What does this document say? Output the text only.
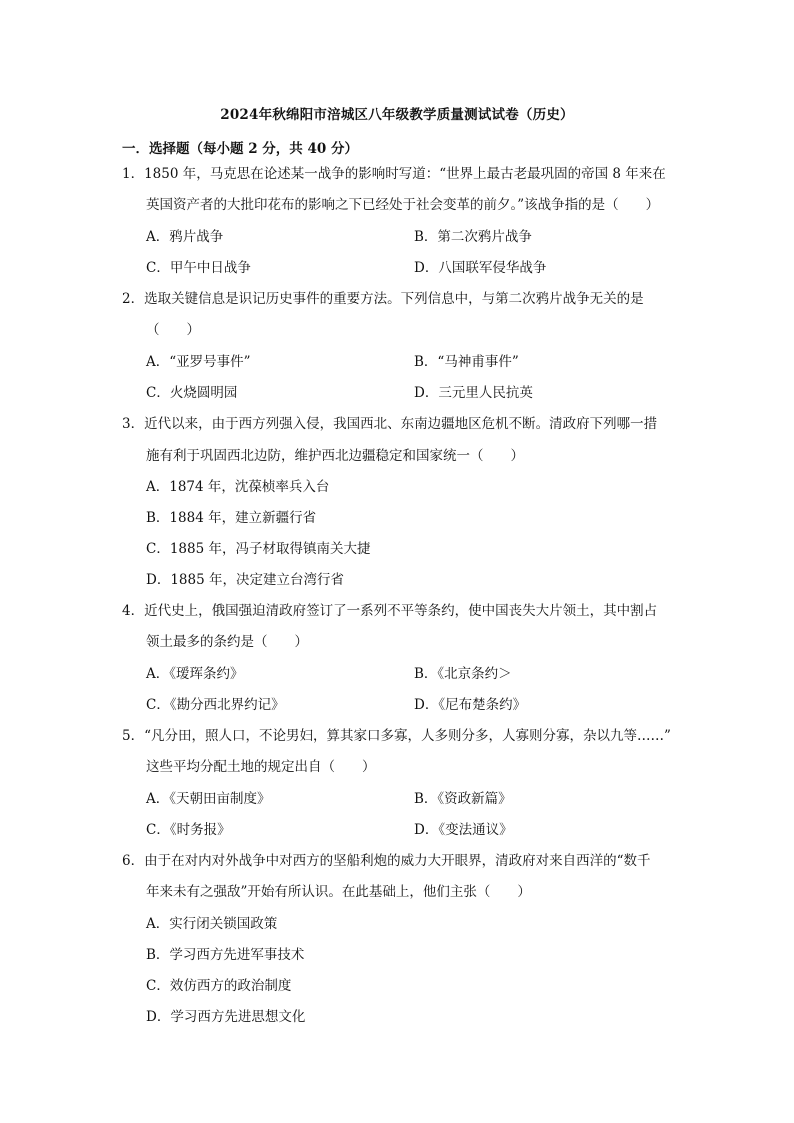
2024年秋绵阳市涪城区八年级教学质量测试试卷（历史）
一．选择题（每小题 2 分，共 40 分）
1．1850 年，马克思在论述某一战争的影响时写道：“世界上最古老最巩固的帝国 8 年来在
英国资产者的大批印花布的影响之下已经处于社会变革的前夕。”该战争指的是（　　）
A．鸦片战争	B．第二次鸦片战争
C．甲午中日战争	D．八国联军侵华战争
2．选取关键信息是识记历史事件的重要方法。下列信息中，与第二次鸦片战争无关的是
（　　）
A．“亚罗号事件”	B．“马神甫事件”
C．火烧圆明园	D．三元里人民抗英
3．近代以来，由于西方列强入侵，我国西北、东南边疆地区危机不断。清政府下列哪一措
施有利于巩固西北边防，维护西北边疆稳定和国家统一（　　）
A．1874 年，沈葆桢率兵入台
B．1884 年，建立新疆行省
C．1885 年，冯子材取得镇南关大捷
D．1885 年，决定建立台湾行省
4．近代史上，俄国强迫清政府签订了一系列不平等条约，使中国丧失大片领土，其中割占
领土最多的条约是（　　）
A．《瑷珲条约》	B．《北京条约＞
C．《勘分西北界约记》	D．《尼布楚条约》
5．“凡分田，照人口，不论男妇，算其家口多寡，人多则分多，人寡则分寡，杂以九等……”
这些平均分配土地的规定出自（　　）
A．《天朝田亩制度》	B．《资政新篇》
C．《时务报》	D．《变法通议》
6．由于在对内对外战争中对西方的坚船利炮的威力大开眼界，清政府对来自西洋的“数千
年来未有之强敌”开始有所认识。在此基础上，他们主张（　　）
A．实行闭关锁国政策
B．学习西方先进军事技术
C．效仿西方的政治制度
D．学习西方先进思想文化
